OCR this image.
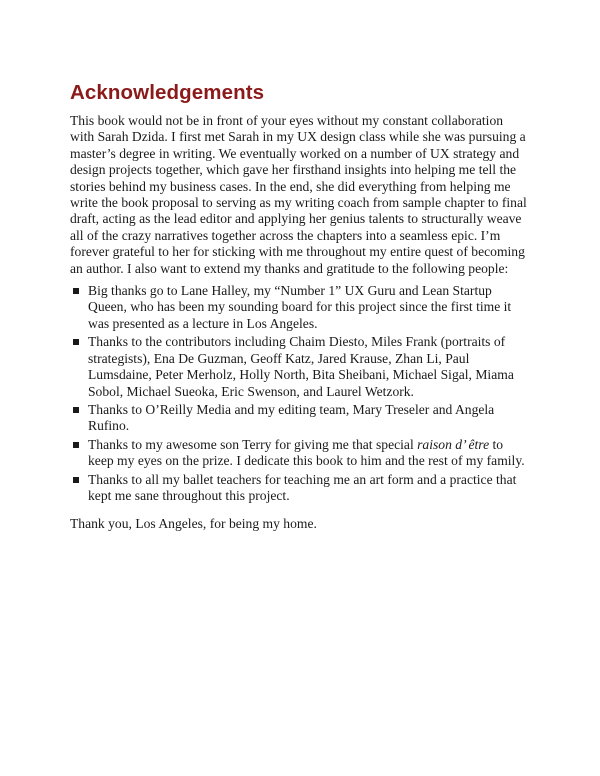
Acknowledgements

This book would not be in front of your eyes without my constant collaboration with Sarah Dzida. I first met Sarah in my UX design class while she was pursuing a master’s degree in writing. We eventually worked on a number of UX strategy and design projects together, which gave her firsthand insights into helping me tell the stories behind my business cases. In the end, she did everything from helping me write the book proposal to serving as my writing coach from sample chapter to final draft, acting as the lead editor and applying her genius talents to structurally weave all of the crazy narratives together across the chapters into a seamless epic. I’m forever grateful to her for sticking with me throughout my entire quest of becoming an author. I also want to extend my thanks and gratitude to the following people:

Big thanks go to Lane Halley, my “Number 1” UX Guru and Lean Startup Queen, who has been my sounding board for this project since the first time it was presented as a lecture in Los Angeles.
Thanks to the contributors including Chaim Diesto, Miles Frank (portraits of strategists), Ena De Guzman, Geoff Katz, Jared Krause, Zhan Li, Paul Lumsdaine, Peter Merholz, Holly North, Bita Sheibani, Michael Sigal, Miama Sobol, Michael Sueoka, Eric Swenson, and Laurel Wetzork.
Thanks to O’Reilly Media and my editing team, Mary Treseler and Angela Rufino.
Thanks to my awesome son Terry for giving me that special raison d’ être to keep my eyes on the prize. I dedicate this book to him and the rest of my family.
Thanks to all my ballet teachers for teaching me an art form and a practice that kept me sane throughout this project.

Thank you, Los Angeles, for being my home.
